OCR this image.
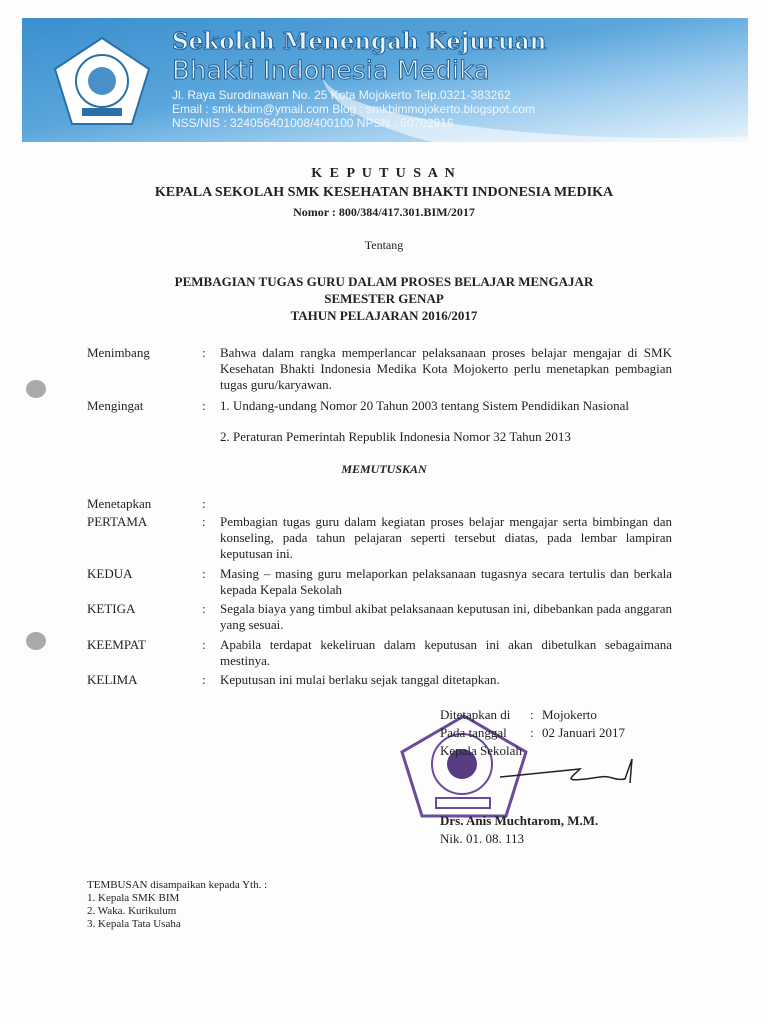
Sekolah Menengah Kejuruan
Bhakti Indonesia Medika
Jl. Raya Surodinawan No. 25 Kota Mojokerto Telp.0321-383262
Email : smk.kbim@ymail.com Blog : smkbimmojokerto.blogspot.com
NSS/NIS : 324056401008/400100 NPSN : 60702916
K E P U T U S A N
KEPALA SEKOLAH SMK KESEHATAN BHAKTI INDONESIA MEDIKA
Nomor : 800/384/417.301.BIM/2017
Tentang
PEMBAGIAN TUGAS GURU DALAM PROSES BELAJAR MENGAJAR
SEMESTER GENAP
TAHUN PELAJARAN 2016/2017
Menimbang	: Bahwa dalam rangka memperlancar pelaksanaan proses belajar mengajar di SMK Kesehatan Bhakti Indonesia Medika Kota Mojokerto perlu menetapkan pembagian tugas guru/karyawan.
Mengingat	: 1. Undang-undang Nomor 20 Tahun 2003 tentang Sistem Pendidikan Nasional
2. Peraturan Pemerintah Republik Indonesia Nomor 32 Tahun 2013
MEMUTUSKAN
Menetapkan	:
PERTAMA	: Pembagian tugas guru dalam kegiatan proses belajar mengajar serta bimbingan dan konseling, pada tahun pelajaran seperti tersebut diatas, pada lembar lampiran keputusan ini.
KEDUA	: Masing – masing guru melaporkan pelaksanaan tugasnya secara tertulis dan berkala kepada Kepala Sekolah
KETIGA	: Segala biaya yang timbul akibat pelaksanaan keputusan ini, dibebankan pada anggaran yang sesuai.
KEEMPAT	: Apabila terdapat kekeliruan dalam keputusan ini akan dibetulkan sebagaimana mestinya.
KELIMA	: Keputusan ini mulai berlaku sejak tanggal ditetapkan.
Ditetapkan di : Mojokerto
Pada tanggal : 02 Januari 2017
Kepala Sekolah
Drs. Anis Muchtarom, M.M.
Nik. 01. 08. 113
TEMBUSAN disampaikan kepada Yth. :
1. Kepala SMK BIM
2. Waka. Kurikulum
3. Kepala Tata Usaha
